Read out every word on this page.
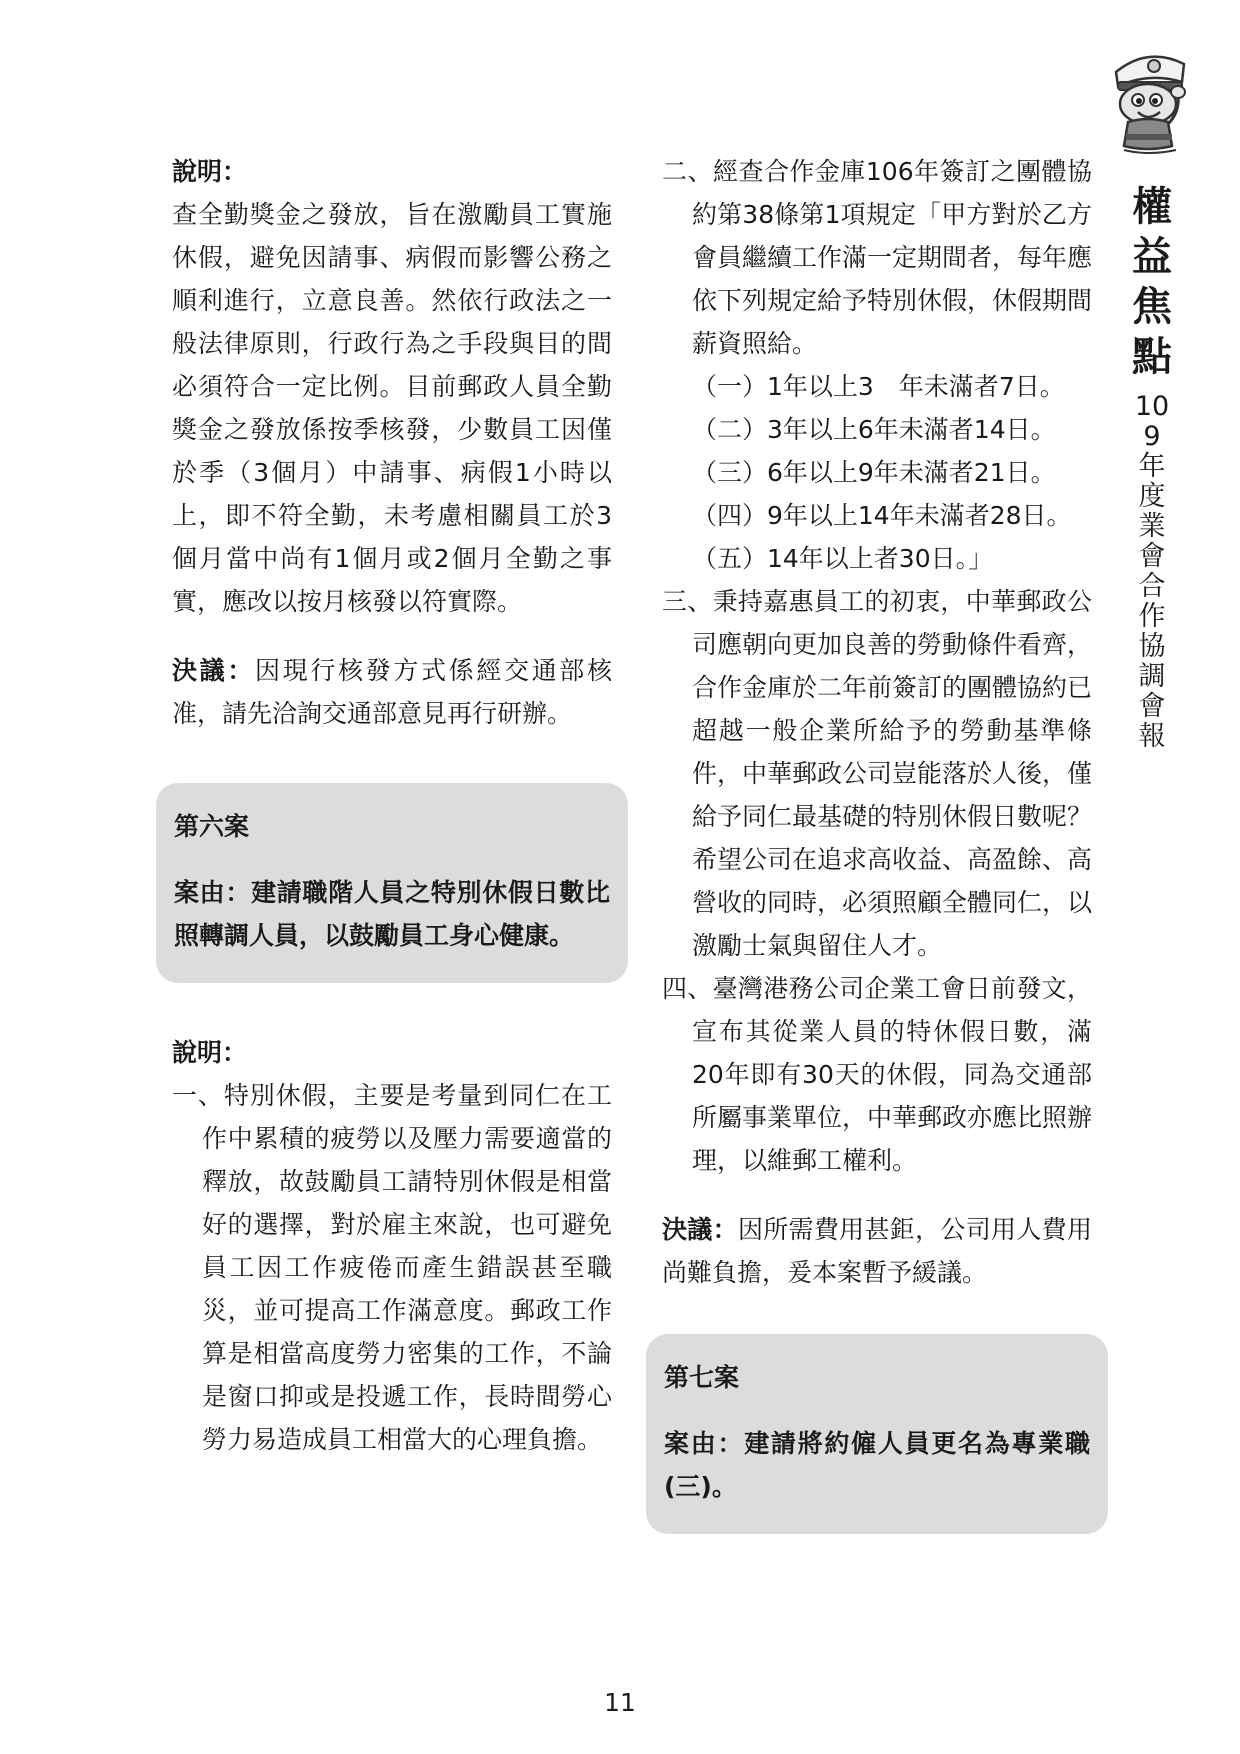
權益焦點
109年度業會合作協調會報

說明：

查全勤獎金之發放，旨在激勵員工實施休假，避免因請事、病假而影響公務之順利進行，立意良善。然依行政法之一般法律原則，行政行為之手段與目的間必須符合一定比例。目前郵政人員全勤獎金之發放係按季核發，少數員工因僅於季（3個月）中請事、病假1小時以上，即不符全勤，未考慮相關員工於3個月當中尚有1個月或2個月全勤之事實，應改以按月核發以符實際。

決議：因現行核發方式係經交通部核准，請先洽詢交通部意見再行研辦。

第六案

案由：建請職階人員之特別休假日數比照轉調人員，以鼓勵員工身心健康。

說明：

一、特別休假，主要是考量到同仁在工作中累積的疲勞以及壓力需要適當的釋放，故鼓勵員工請特別休假是相當好的選擇，對於雇主來說，也可避免員工因工作疲倦而產生錯誤甚至職災，並可提高工作滿意度。郵政工作算是相當高度勞力密集的工作，不論是窗口抑或是投遞工作，長時間勞心勞力易造成員工相當大的心理負擔。

二、經查合作金庫106年簽訂之團體協約第38條第1項規定「甲方對於乙方會員繼續工作滿一定期間者，每年應依下列規定給予特別休假，休假期間薪資照給。

（一）1年以上3　年未滿者7日。

（二）3年以上6年未滿者14日。

（三）6年以上9年未滿者21日。

（四）9年以上14年未滿者28日。

（五）14年以上者30日。」

三、秉持嘉惠員工的初衷，中華郵政公司應朝向更加良善的勞動條件看齊，合作金庫於二年前簽訂的團體協約已超越一般企業所給予的勞動基準條件，中華郵政公司豈能落於人後，僅給予同仁最基礎的特別休假日數呢？希望公司在追求高收益、高盈餘、高營收的同時，必須照顧全體同仁，以激勵士氣與留住人才。

四、臺灣港務公司企業工會日前發文，宣布其從業人員的特休假日數，滿20年即有30天的休假，同為交通部所屬事業單位，中華郵政亦應比照辦理，以維郵工權利。

決議：因所需費用甚鉅，公司用人費用尚難負擔，爰本案暫予緩議。

第七案

案由：建請將約僱人員更名為專業職(三)。

11
